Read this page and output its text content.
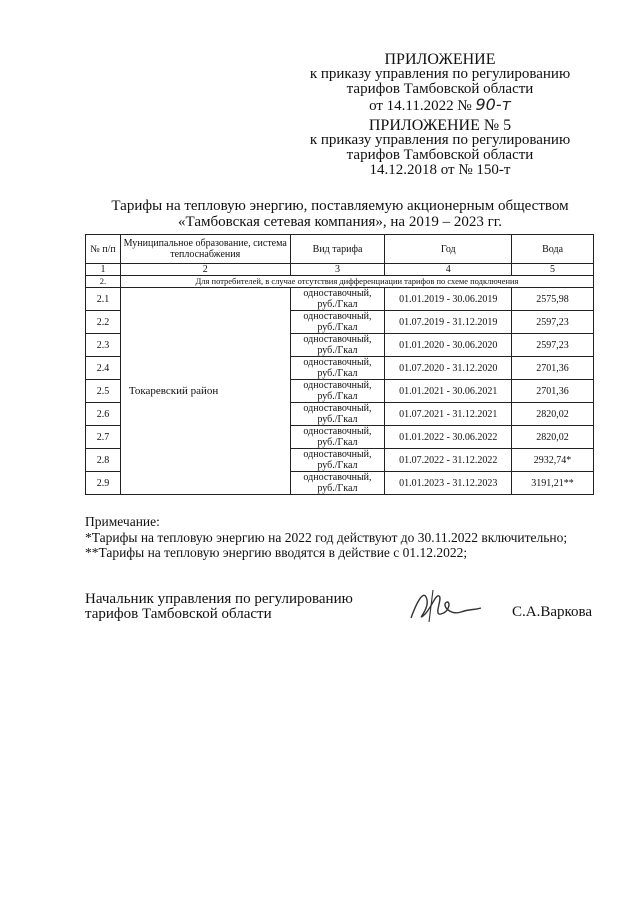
ПРИЛОЖЕНИЕ
к приказу управления по регулированию
тарифов Тамбовской области
от 14.11.2022 № 90-т
ПРИЛОЖЕНИЕ № 5
к приказу управления по регулированию
тарифов Тамбовской области
14.12.2018 от № 150-т
Тарифы на тепловую энергию, поставляемую акционерным обществом
«Тамбовская сетевая компания», на 2019 – 2023 гг.
№ п/п	Муниципальное образование, система теплоснабжения	Вид тарифа	Год	Вода
1	2	3	4	5
2.	Для потребителей, в случае отсутствия дифференциации тарифов по схеме подключения			
2.1	Токаревский район	одноставочный, руб./Гкал	01.01.2019 - 30.06.2019	2575,98
2.2		одноставочный, руб./Гкал	01.07.2019 - 31.12.2019	2597,23
2.3		одноставочный, руб./Гкал	01.01.2020 - 30.06.2020	2597,23
2.4		одноставочный, руб./Гкал	01.07.2020 - 31.12.2020	2701,36
2.5		одноставочный, руб./Гкал	01.01.2021 - 30.06.2021	2701,36
2.6		одноставочный, руб./Гкал	01.07.2021 - 31.12.2021	2820,02
2.7		одноставочный, руб./Гкал	01.01.2022 - 30.06.2022	2820,02
2.8		одноставочный, руб./Гкал	01.07.2022 - 31.12.2022	2932,74*
2.9		одноставочный, руб./Гкал	01.01.2023 - 31.12.2023	3191,21**
Примечание:
*Тарифы на тепловую энергию на 2022 год действуют до 30.11.2022 включительно;
**Тарифы на тепловую энергию вводятся в действие с 01.12.2022;
Начальник управления по регулированию
тарифов Тамбовской области	С.А.Варкова
